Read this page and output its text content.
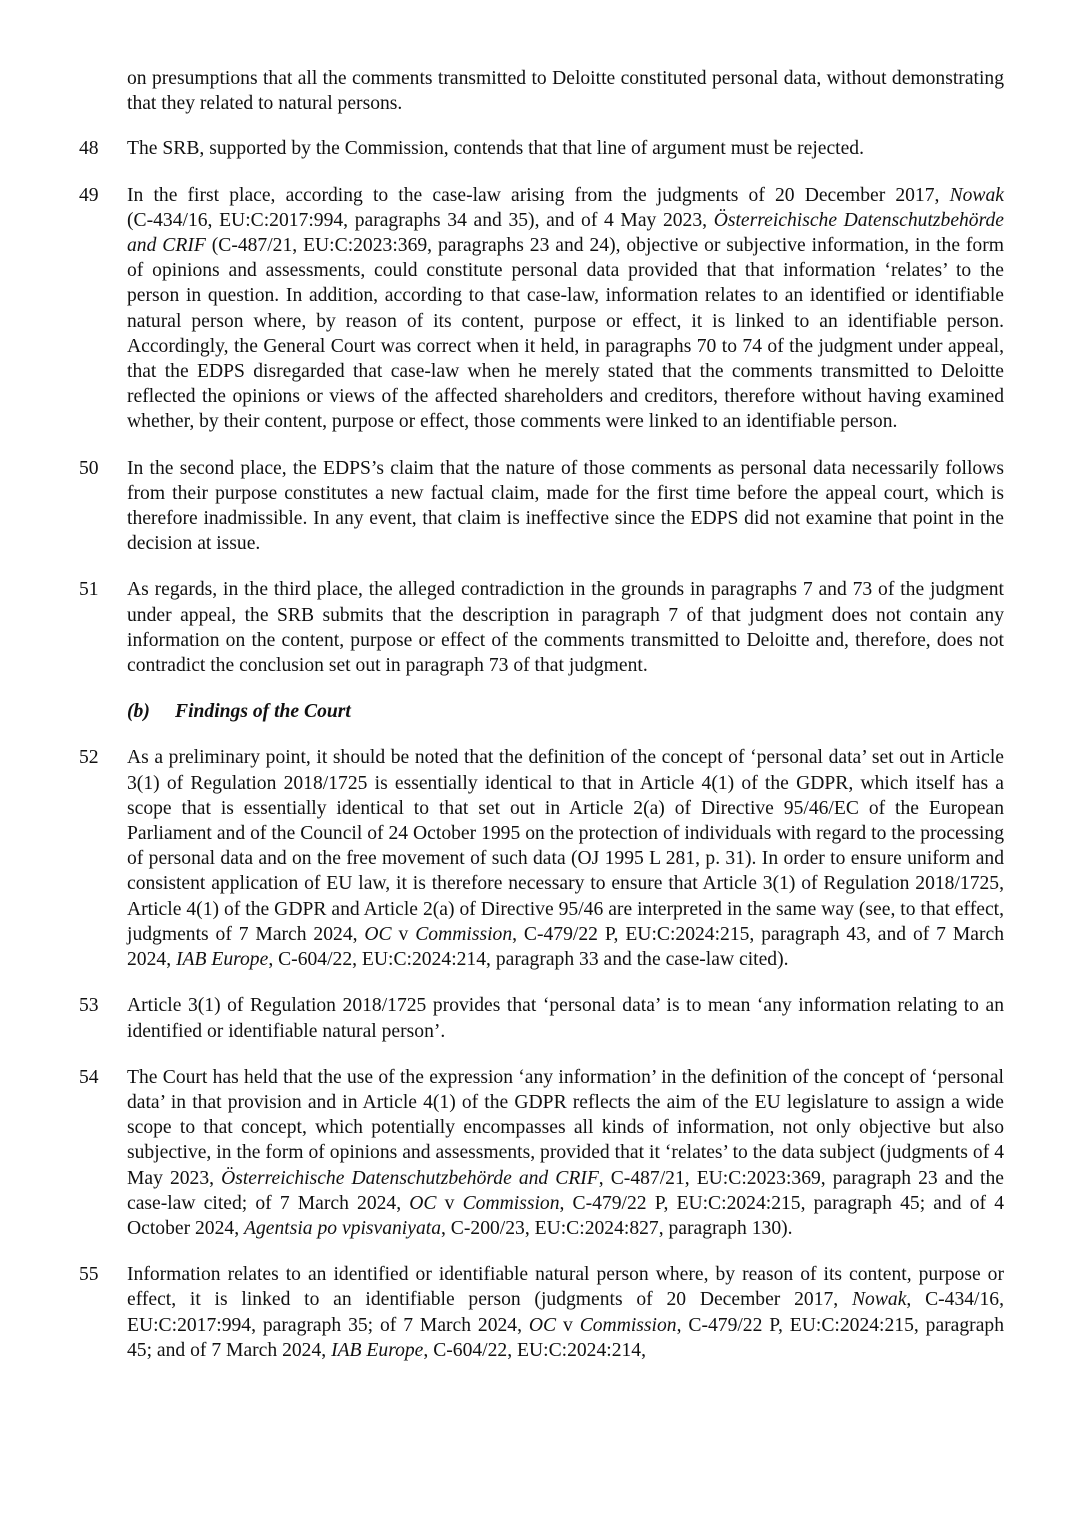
on presumptions that all the comments transmitted to Deloitte constituted personal data, without demonstrating that they related to natural persons.
48 The SRB, supported by the Commission, contends that that line of argument must be rejected.
49 In the first place, according to the case-law arising from the judgments of 20 December 2017, Nowak (C‑434/16, EU:C:2017:994, paragraphs 34 and 35), and of 4 May 2023, Österreichische Datenschutzbehörde and CRIF (C‑487/21, EU:C:2023:369, paragraphs 23 and 24), objective or subjective information, in the form of opinions and assessments, could constitute personal data provided that that information ‘relates’ to the person in question. In addition, according to that case-law, information relates to an identified or identifiable natural person where, by reason of its content, purpose or effect, it is linked to an identifiable person. Accordingly, the General Court was correct when it held, in paragraphs 70 to 74 of the judgment under appeal, that the EDPS disregarded that case-law when he merely stated that the comments transmitted to Deloitte reflected the opinions or views of the affected shareholders and creditors, therefore without having examined whether, by their content, purpose or effect, those comments were linked to an identifiable person.
50 In the second place, the EDPS’s claim that the nature of those comments as personal data necessarily follows from their purpose constitutes a new factual claim, made for the first time before the appeal court, which is therefore inadmissible. In any event, that claim is ineffective since the EDPS did not examine that point in the decision at issue.
51 As regards, in the third place, the alleged contradiction in the grounds in paragraphs 7 and 73 of the judgment under appeal, the SRB submits that the description in paragraph 7 of that judgment does not contain any information on the content, purpose or effect of the comments transmitted to Deloitte and, therefore, does not contradict the conclusion set out in paragraph 73 of that judgment.
(b) Findings of the Court
52 As a preliminary point, it should be noted that the definition of the concept of ‘personal data’ set out in Article 3(1) of Regulation 2018/1725 is essentially identical to that in Article 4(1) of the GDPR, which itself has a scope that is essentially identical to that set out in Article 2(a) of Directive 95/46/EC of the European Parliament and of the Council of 24 October 1995 on the protection of individuals with regard to the processing of personal data and on the free movement of such data (OJ 1995 L 281, p. 31). In order to ensure uniform and consistent application of EU law, it is therefore necessary to ensure that Article 3(1) of Regulation 2018/1725, Article 4(1) of the GDPR and Article 2(a) of Directive 95/46 are interpreted in the same way (see, to that effect, judgments of 7 March 2024, OC v Commission, C‑479/22 P, EU:C:2024:215, paragraph 43, and of 7 March 2024, IAB Europe, C‑604/22, EU:C:2024:214, paragraph 33 and the case-law cited).
53 Article 3(1) of Regulation 2018/1725 provides that ‘personal data’ is to mean ‘any information relating to an identified or identifiable natural person’.
54 The Court has held that the use of the expression ‘any information’ in the definition of the concept of ‘personal data’ in that provision and in Article 4(1) of the GDPR reflects the aim of the EU legislature to assign a wide scope to that concept, which potentially encompasses all kinds of information, not only objective but also subjective, in the form of opinions and assessments, provided that it ‘relates’ to the data subject (judgments of 4 May 2023, Österreichische Datenschutzbehörde and CRIF, C‑487/21, EU:C:2023:369, paragraph 23 and the case-law cited; of 7 March 2024, OC v Commission, C‑479/22 P, EU:C:2024:215, paragraph 45; and of 4 October 2024, Agentsia po vpisvaniyata, C‑200/23, EU:C:2024:827, paragraph 130).
55 Information relates to an identified or identifiable natural person where, by reason of its content, purpose or effect, it is linked to an identifiable person (judgments of 20 December 2017, Nowak, C‑434/16, EU:C:2017:994, paragraph 35; of 7 March 2024, OC v Commission, C‑479/22 P, EU:C:2024:215, paragraph 45; and of 7 March 2024, IAB Europe, C‑604/22, EU:C:2024:214,
